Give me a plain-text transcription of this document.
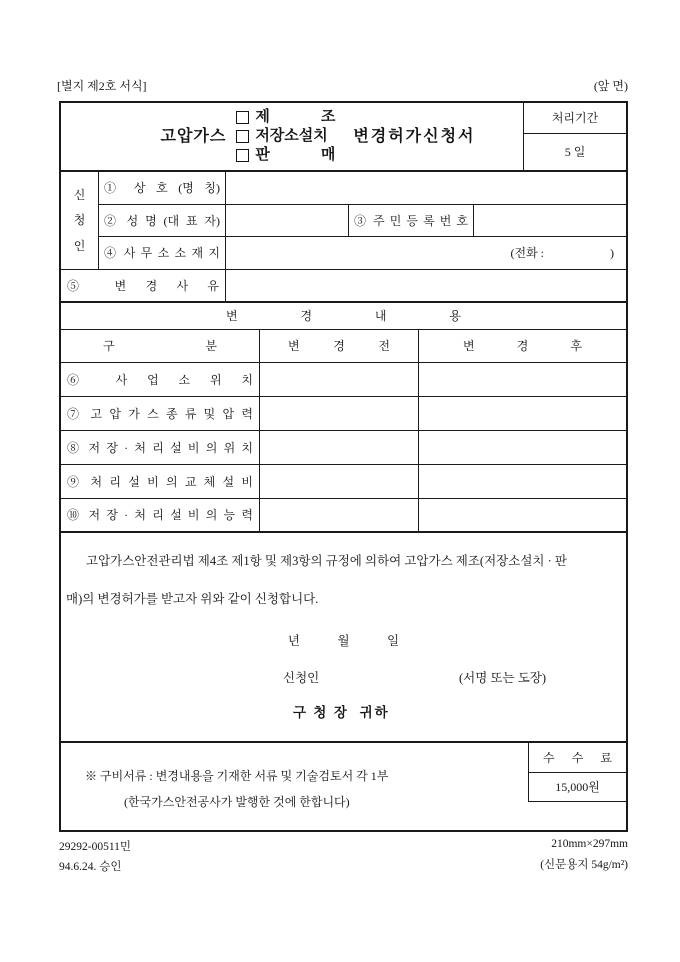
[별지 제2호 서식]	(앞 면)
고압가스
제 조
저장소설치
판 매
변경허가신청서
처리기간
5 일
신
청
인
① 상 호 (명 칭)
② 성 명 (대 표 자)	③ 주 민 등 록 번 호
④ 사 무 소 소 재 지	(전화 :                      )
⑤ 변 경 사 유
변 경 내 용
구 분	변 경 전	변 경 후
⑥ 사 업 소 위 치
⑦ 고 압 가 스 종 류 및 압 력
⑧ 저 장 · 처 리 설 비 의 위 치
⑨ 처 리 설 비 의 교 체 설 비
⑩ 저 장 · 처 리 설 비 의 능 력
고압가스안전관리법 제4조 제1항 및 제3항의 규정에 의하여 고압가스 제조(저장소설치 · 판
매)의 변경허가를 받고자 위와 같이 신청합니다.
년            월            일
신청인	(서명 또는 도장)
구 청 장  귀하
※ 구비서류 : 변경내용을 기재한 서류 및 기술검토서 각 1부
(한국가스안전공사가 발행한 것에 한합니다)
수 수 료
15,000원
29292-00511민
94.6.24. 승인
210mm×297mm
(신문용지 54g/m²)
